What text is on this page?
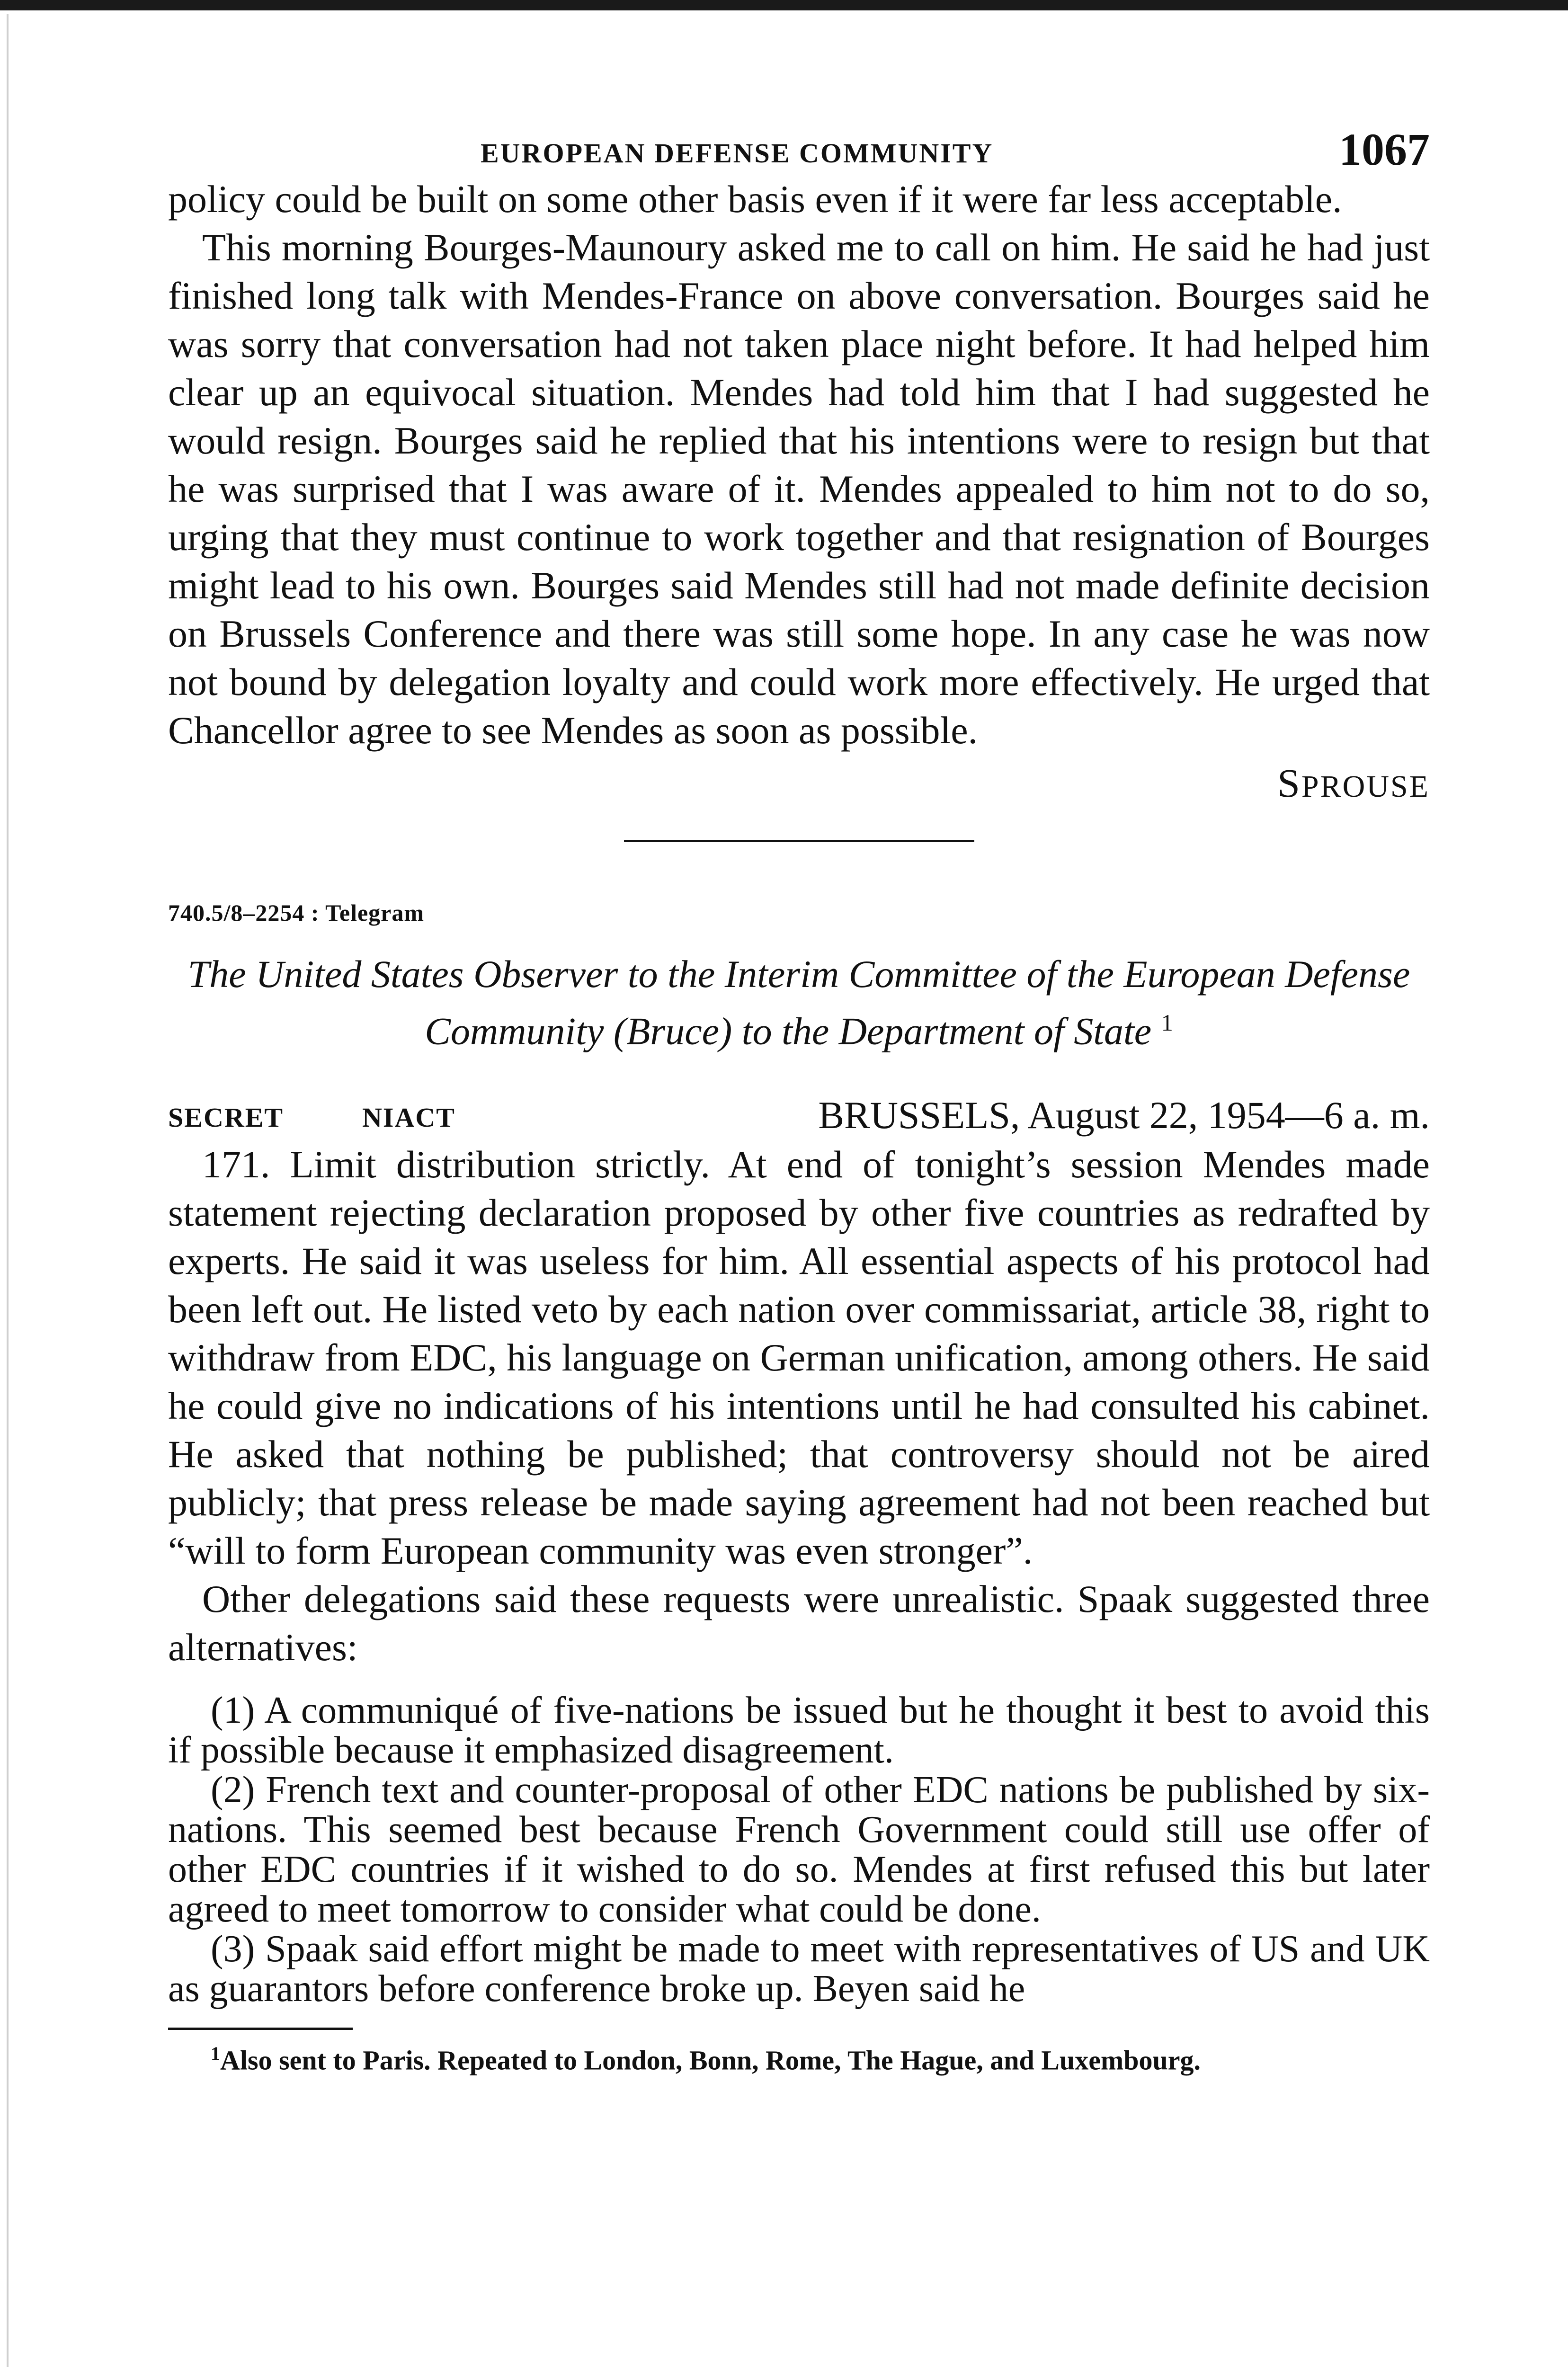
EUROPEAN DEFENSE COMMUNITY	1067

policy could be built on some other basis even if it were far less acceptable.

This morning Bourges-Maunoury asked me to call on him. He said he had just finished long talk with Mendes-France on above conversation. Bourges said he was sorry that conversation had not taken place night before. It had helped him clear up an equivocal situation. Mendes had told him that I had suggested he would resign. Bourges said he replied that his intentions were to resign but that he was surprised that I was aware of it. Mendes appealed to him not to do so, urging that they must continue to work together and that resignation of Bourges might lead to his own. Bourges said Mendes still had not made definite decision on Brussels Conference and there was still some hope. In any case he was now not bound by delegation loyalty and could work more effectively. He urged that Chancellor agree to see Mendes as soon as possible.

SPROUSE
740.5/8–2254 : Telegram
The United States Observer to the Interim Committee of the European Defense Community (Bruce) to the Department of State $^1$
SECRET	NIACT	BRUSSELS, August 22, 1954—6 a. m.

171. Limit distribution strictly. At end of tonight’s session Mendes made statement rejecting declaration proposed by other five countries as redrafted by experts. He said it was useless for him. All essential aspects of his protocol had been left out. He listed veto by each nation over commissariat, article 38, right to withdraw from EDC, his language on German unification, among others. He said he could give no indications of his intentions until he had consulted his cabinet. He asked that nothing be published; that controversy should not be aired publicly; that press release be made saying agreement had not been reached but “will to form European community was even stronger”.

Other delegations said these requests were unrealistic. Spaak suggested three alternatives:

(1) A communiqué of five-nations be issued but he thought it best to avoid this if possible because it emphasized disagreement.

(2) French text and counter-proposal of other EDC nations be published by six-nations. This seemed best because French Government could still use offer of other EDC countries if it wished to do so. Mendes at first refused this but later agreed to meet tomorrow to consider what could be done.

(3) Spaak said effort might be made to meet with representatives of US and UK as guarantors before conference broke up. Beyen said he

$^1$Also sent to Paris. Repeated to London, Bonn, Rome, The Hague, and Luxembourg.
